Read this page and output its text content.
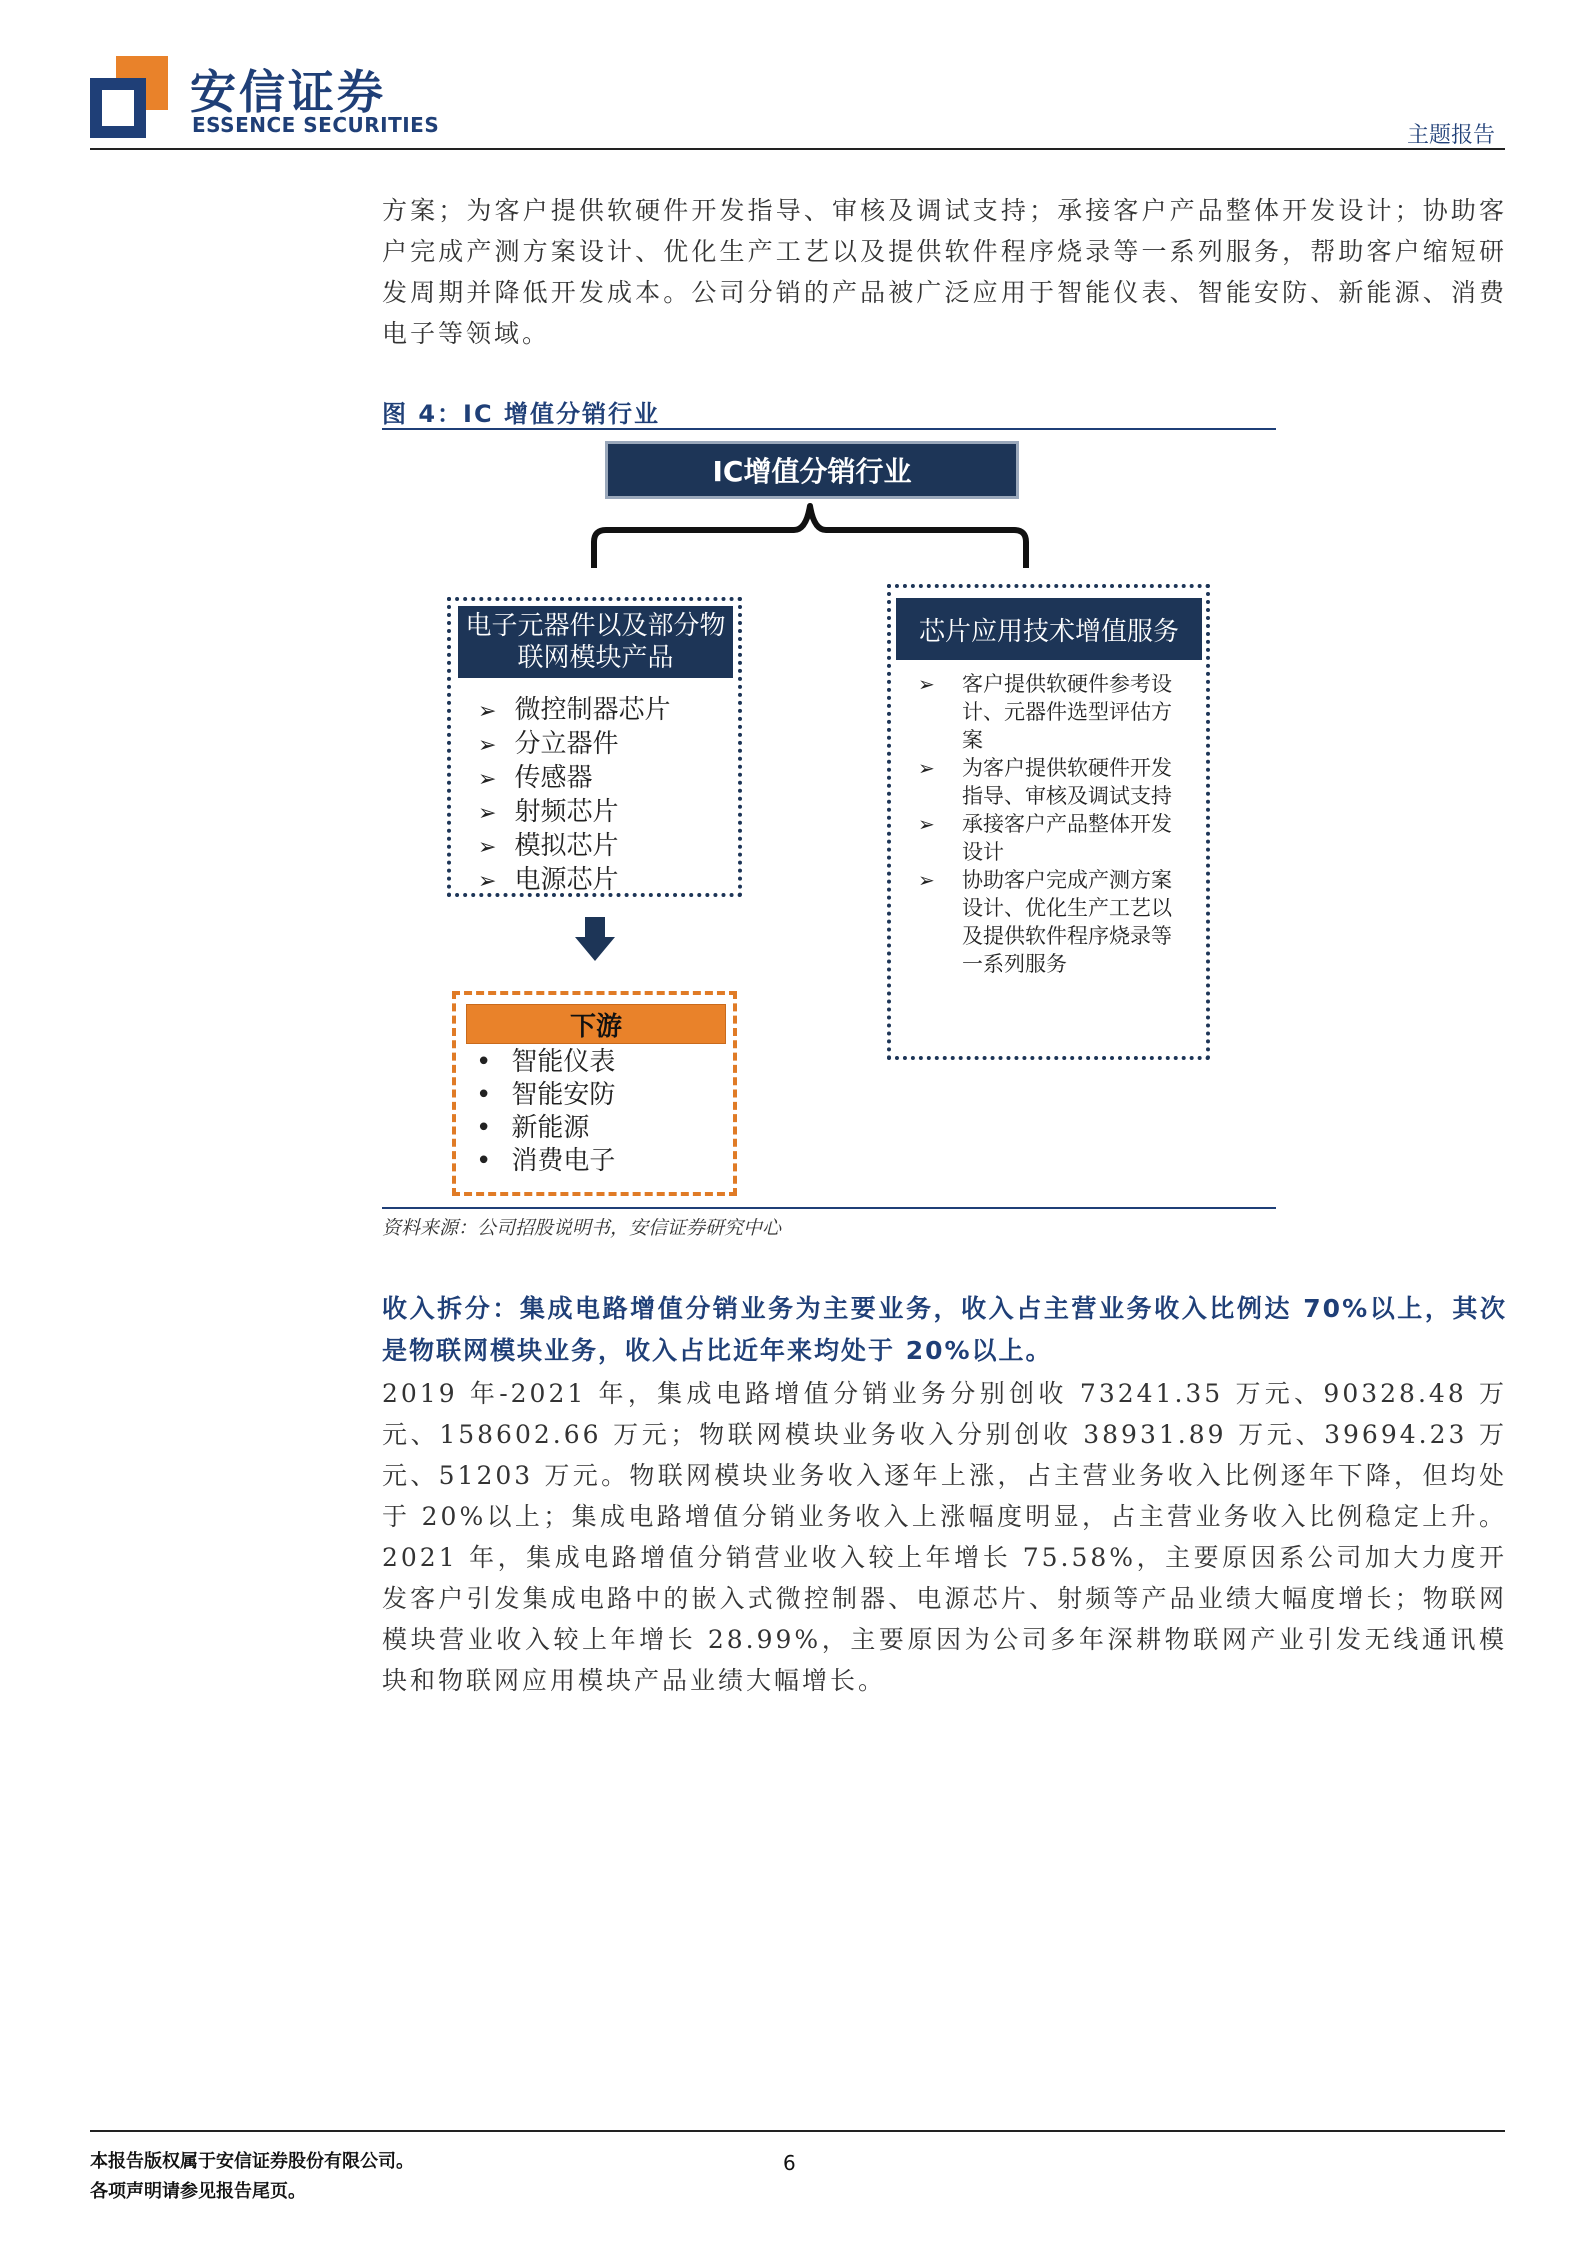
安信证券
ESSENCE SECURITIES	主题报告

方案；为客户提供软硬件开发指导、审核及调试支持；承接客户产品整体开发设计；协助客户完成产测方案设计、优化生产工艺以及提供软件程序烧录等一系列服务，帮助客户缩短研发周期并降低开发成本。公司分销的产品被广泛应用于智能仪表、智能安防、新能源、消费电子等领域。

图 4：IC 增值分销行业
IC增值分销行业
电子元器件以及部分物联网模块产品
➢ 微控制器芯片
➢ 分立器件
➢ 传感器
➢ 射频芯片
➢ 模拟芯片
➢ 电源芯片
下游
• 智能仪表
• 智能安防
• 新能源
• 消费电子
芯片应用技术增值服务
➢ 客户提供软硬件参考设计、元器件选型评估方案
➢ 为客户提供软硬件开发指导、审核及调试支持
➢ 承接客户产品整体开发设计
➢ 协助客户完成产测方案设计、优化生产工艺以及提供软件程序烧录等一系列服务
资料来源：公司招股说明书，安信证券研究中心

收入拆分：集成电路增值分销业务为主要业务，收入占主营业务收入比例达 70%以上，其次是物联网模块业务，收入占比近年来均处于 20%以上。

2019 年-2021 年，集成电路增值分销业务分别创收 73241.35 万元、90328.48 万元、158602.66 万元；物联网模块业务收入分别创收 38931.89 万元、39694.23 万元、51203 万元。物联网模块业务收入逐年上涨，占主营业务收入比例逐年下降，但均处于 20%以上；集成电路增值分销业务收入上涨幅度明显，占主营业务收入比例稳定上升。2021 年，集成电路增值分销营业收入较上年增长 75.58%，主要原因系公司加大力度开发客户引发集成电路中的嵌入式微控制器、电源芯片、射频等产品业绩大幅度增长；物联网模块营业收入较上年增长 28.99%，主要原因为公司多年深耕物联网产业引发无线通讯模块和物联网应用模块产品业绩大幅增长。

本报告版权属于安信证券股份有限公司。
各项声明请参见报告尾页。
6
